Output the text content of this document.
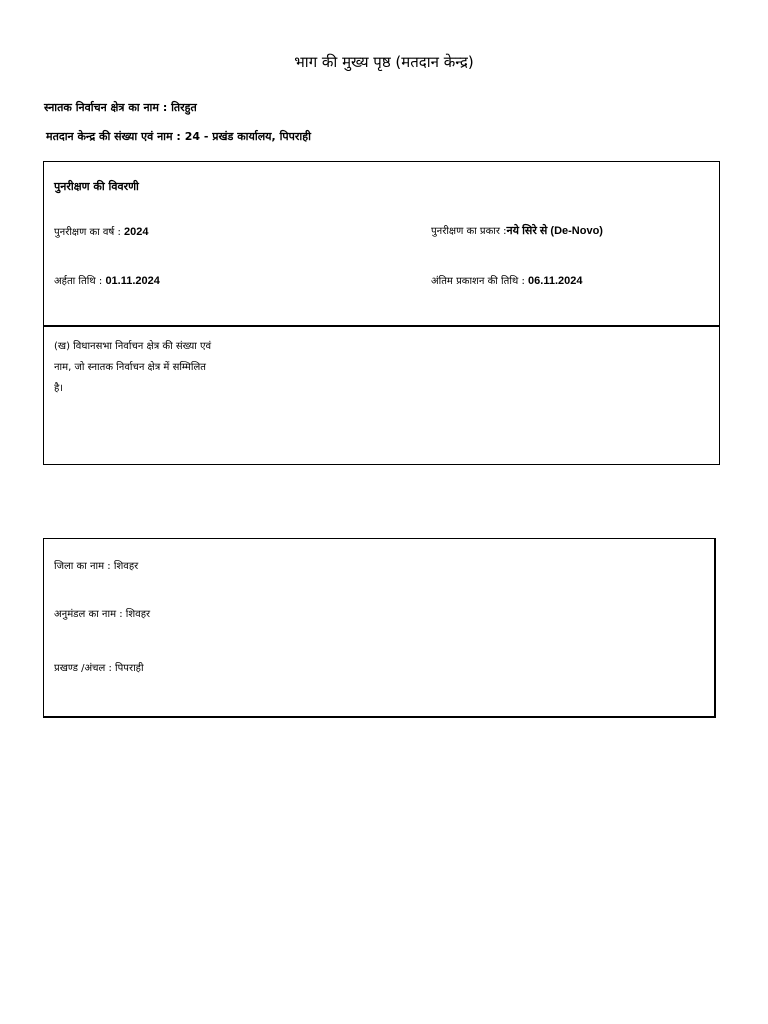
भाग की मुख्य पृष्ठ (मतदान केन्द्र)
स्नातक निर्वाचन क्षेत्र का नाम : तिरहुत
मतदान केन्द्र की संख्या एवं नाम : 24 - प्रखंड कार्यालय, पिपराही
पुनरीक्षण की विवरणी
पुनरीक्षण का वर्ष : 2024	पुनरीक्षण का प्रकार :नये सिरे से (De-Novo)
अर्हता तिथि : 01.11.2024	अंतिम प्रकाशन की तिथि : 06.11.2024
(ख) विधानसभा निर्वाचन क्षेत्र की संख्या एवं
नाम, जो स्नातक निर्वाचन क्षेत्र में सम्मिलित
है।
जिला का नाम : शिवहर
अनुमंडल का नाम : शिवहर
प्रखण्ड /अंचल : पिपराही
